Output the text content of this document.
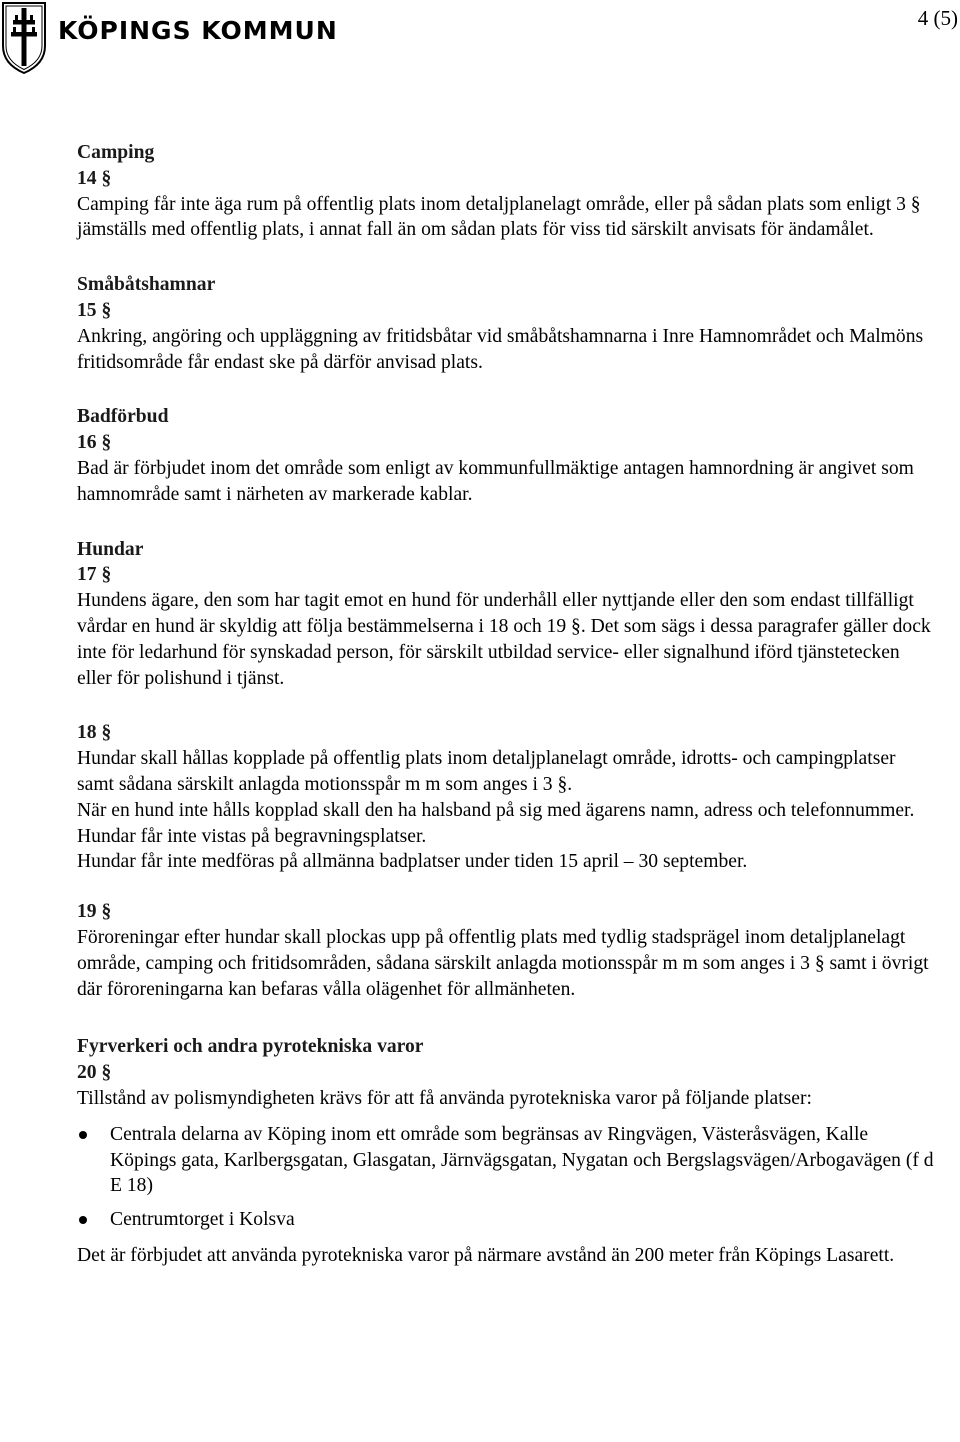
KÖPINGS KOMMUN	4 (5)

Camping

14 §

Camping får inte äga rum på offentlig plats inom detaljplanelagt område, eller på sådan plats som enligt 3 § jämställs med offentlig plats, i annat fall än om sådan plats för viss tid särskilt anvisats för ändamålet.

Småbåtshamnar

15 §

Ankring, angöring och uppläggning av fritidsbåtar vid småbåtshamnarna i Inre Hamnområdet och Malmöns fritidsområde får endast ske på därför anvisad plats.

Badförbud

16 §

Bad är förbjudet inom det område som enligt av kommunfullmäktige antagen hamnordning är angivet som hamnområde samt i närheten av markerade kablar.

Hundar

17 §

Hundens ägare, den som har tagit emot en hund för underhåll eller nyttjande eller den som endast tillfälligt vårdar en hund är skyldig att följa bestämmelserna i 18 och 19 §. Det som sägs i dessa paragrafer gäller dock inte för ledarhund för synskadad person, för särskilt utbildad service- eller signalhund iförd tjänstetecken eller för polishund i tjänst.

18 §

Hundar skall hållas kopplade på offentlig plats inom detaljplanelagt område, idrotts- och campingplatser samt sådana särskilt anlagda motionsspår m m som anges i 3 §.

När en hund inte hålls kopplad skall den ha halsband på sig med ägarens namn, adress och telefonnummer.

Hundar får inte vistas på begravningsplatser.

Hundar får inte medföras på allmänna badplatser under tiden 15 april – 30 september.

19 §

Föroreningar efter hundar skall plockas upp på offentlig plats med tydlig stadsprägel inom detaljplanelagt område, camping och fritidsområden, sådana särskilt anlagda motionsspår m m som anges i 3 § samt i övrigt där föroreningarna kan befaras vålla olägenhet för allmänheten.

Fyrverkeri och andra pyrotekniska varor

20 §

Tillstånd av polismyndigheten krävs för att få använda pyrotekniska varor på följande platser:

Centrala delarna av Köping inom ett område som begränsas av Ringvägen, Västeråsvägen, Kalle Köpings gata, Karlbergsgatan, Glasgatan, Järnvägsgatan, Nygatan och Bergslagsvägen/Arbogavägen (f d E 18)
Centrumtorget i Kolsva

Det är förbjudet att använda pyrotekniska varor på närmare avstånd än 200 meter från Köpings Lasarett.
